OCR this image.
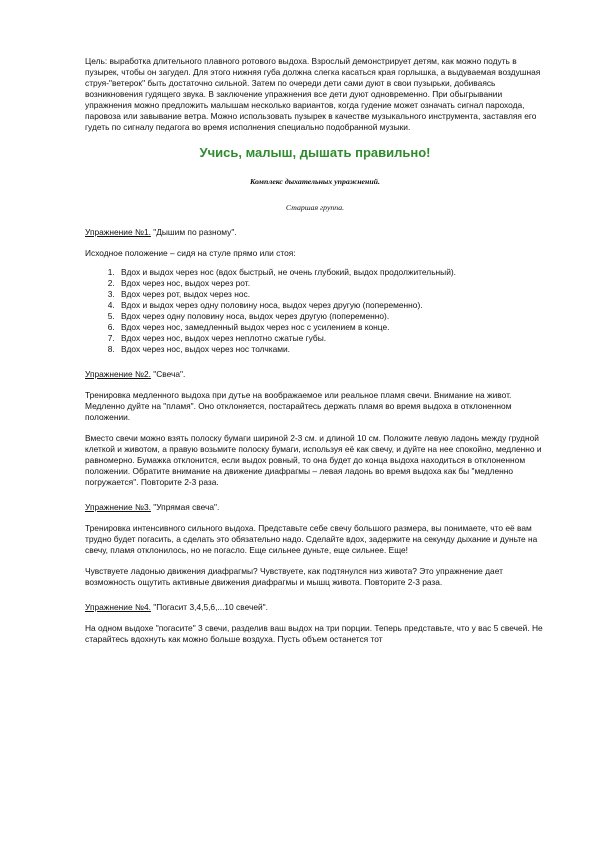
Цель: выработка длительного плавного ротового выдоха. Взрослый демонстрирует детям, как можно подуть в пузырек, чтобы он загудел. Для этого нижняя губа должна слегка касаться края горлышка, а выдуваемая воздушная струя-"ветерок" быть достаточно сильной. Затем по очереди дети сами дуют в свои пузырьки, добиваясь возникновения гудящего звука. В заключение упражнения все дети дуют одновременно. При обыгрывании упражнения можно предложить малышам несколько вариантов, когда гудение может означать сигнал парохода, паровоза или завывание ветра. Можно использовать пузырек в качестве музыкального инструмента, заставляя его гудеть по сигналу педагога во время исполнения специально подобранной музыки.

Учись, малыш, дышать правильно!

Комплекс дыхательных упражнений.

Старшая группа.

Упражнение №1. "Дышим по разному".

Исходное положение – сидя на стуле прямо или стоя:

1. Вдох и выдох через нос (вдох быстрый, не очень глубокий, выдох продолжительный).
2. Вдох через нос, выдох через рот.
3. Вдох через рот, выдох через нос.
4. Вдох и выдох через одну половину носа, выдох через другую (попеременно).
5. Вдох через одну половину носа, выдох через другую (попеременно).
6. Вдох через нос, замедленный выдох через нос с усилением в конце.
7. Вдох через нос, выдох через неплотно сжатые губы.
8. Вдох через нос, выдох через нос толчками.

Упражнение №2. "Свеча".

Тренировка медленного выдоха при дутье на воображаемое или реальное пламя свечи. Внимание на живот. Медленно дуйте на "пламя". Оно отклоняется, постарайтесь держать пламя во время выдоха в отклоненном положении.

Вместо свечи можно взять полоску бумаги шириной 2-3 см. и длиной 10 см. Положите левую ладонь между грудной клеткой и животом, а правую возьмите полоску бумаги, используя её как свечу, и дуйте на нее спокойно, медленно и равномерно. Бумажка отклонится, если выдох ровный, то она будет до конца выдоха находиться в отклоненном положении. Обратите внимание на движение диафрагмы – левая ладонь во время выдоха как бы "медленно погружается". Повторите 2-3 раза.

Упражнение №3. "Упрямая свеча".

Тренировка интенсивного сильного выдоха. Представьте себе свечу большого размера, вы понимаете, что её вам трудно будет погасить, а сделать это обязательно надо. Сделайте вдох, задержите на секунду дыхание и дуньте на свечу, пламя отклонилось, но не погасло. Еще сильнее дуньте, еще сильнее. Еще!

Чувствуете ладонью движения диафрагмы? Чувствуете, как подтянулся низ живота? Это упражнение дает возможность ощутить активные движения диафрагмы и мышц живота. Повторите 2-3 раза.

Упражнение №4. "Погасит 3,4,5,6,...10 свечей".

На одном выдохе "погасите" 3 свечи, разделив ваш выдох на три порции. Теперь представьте, что у вас 5 свечей. Не старайтесь вдохнуть как можно больше воздуха. Пусть объем останется тот
